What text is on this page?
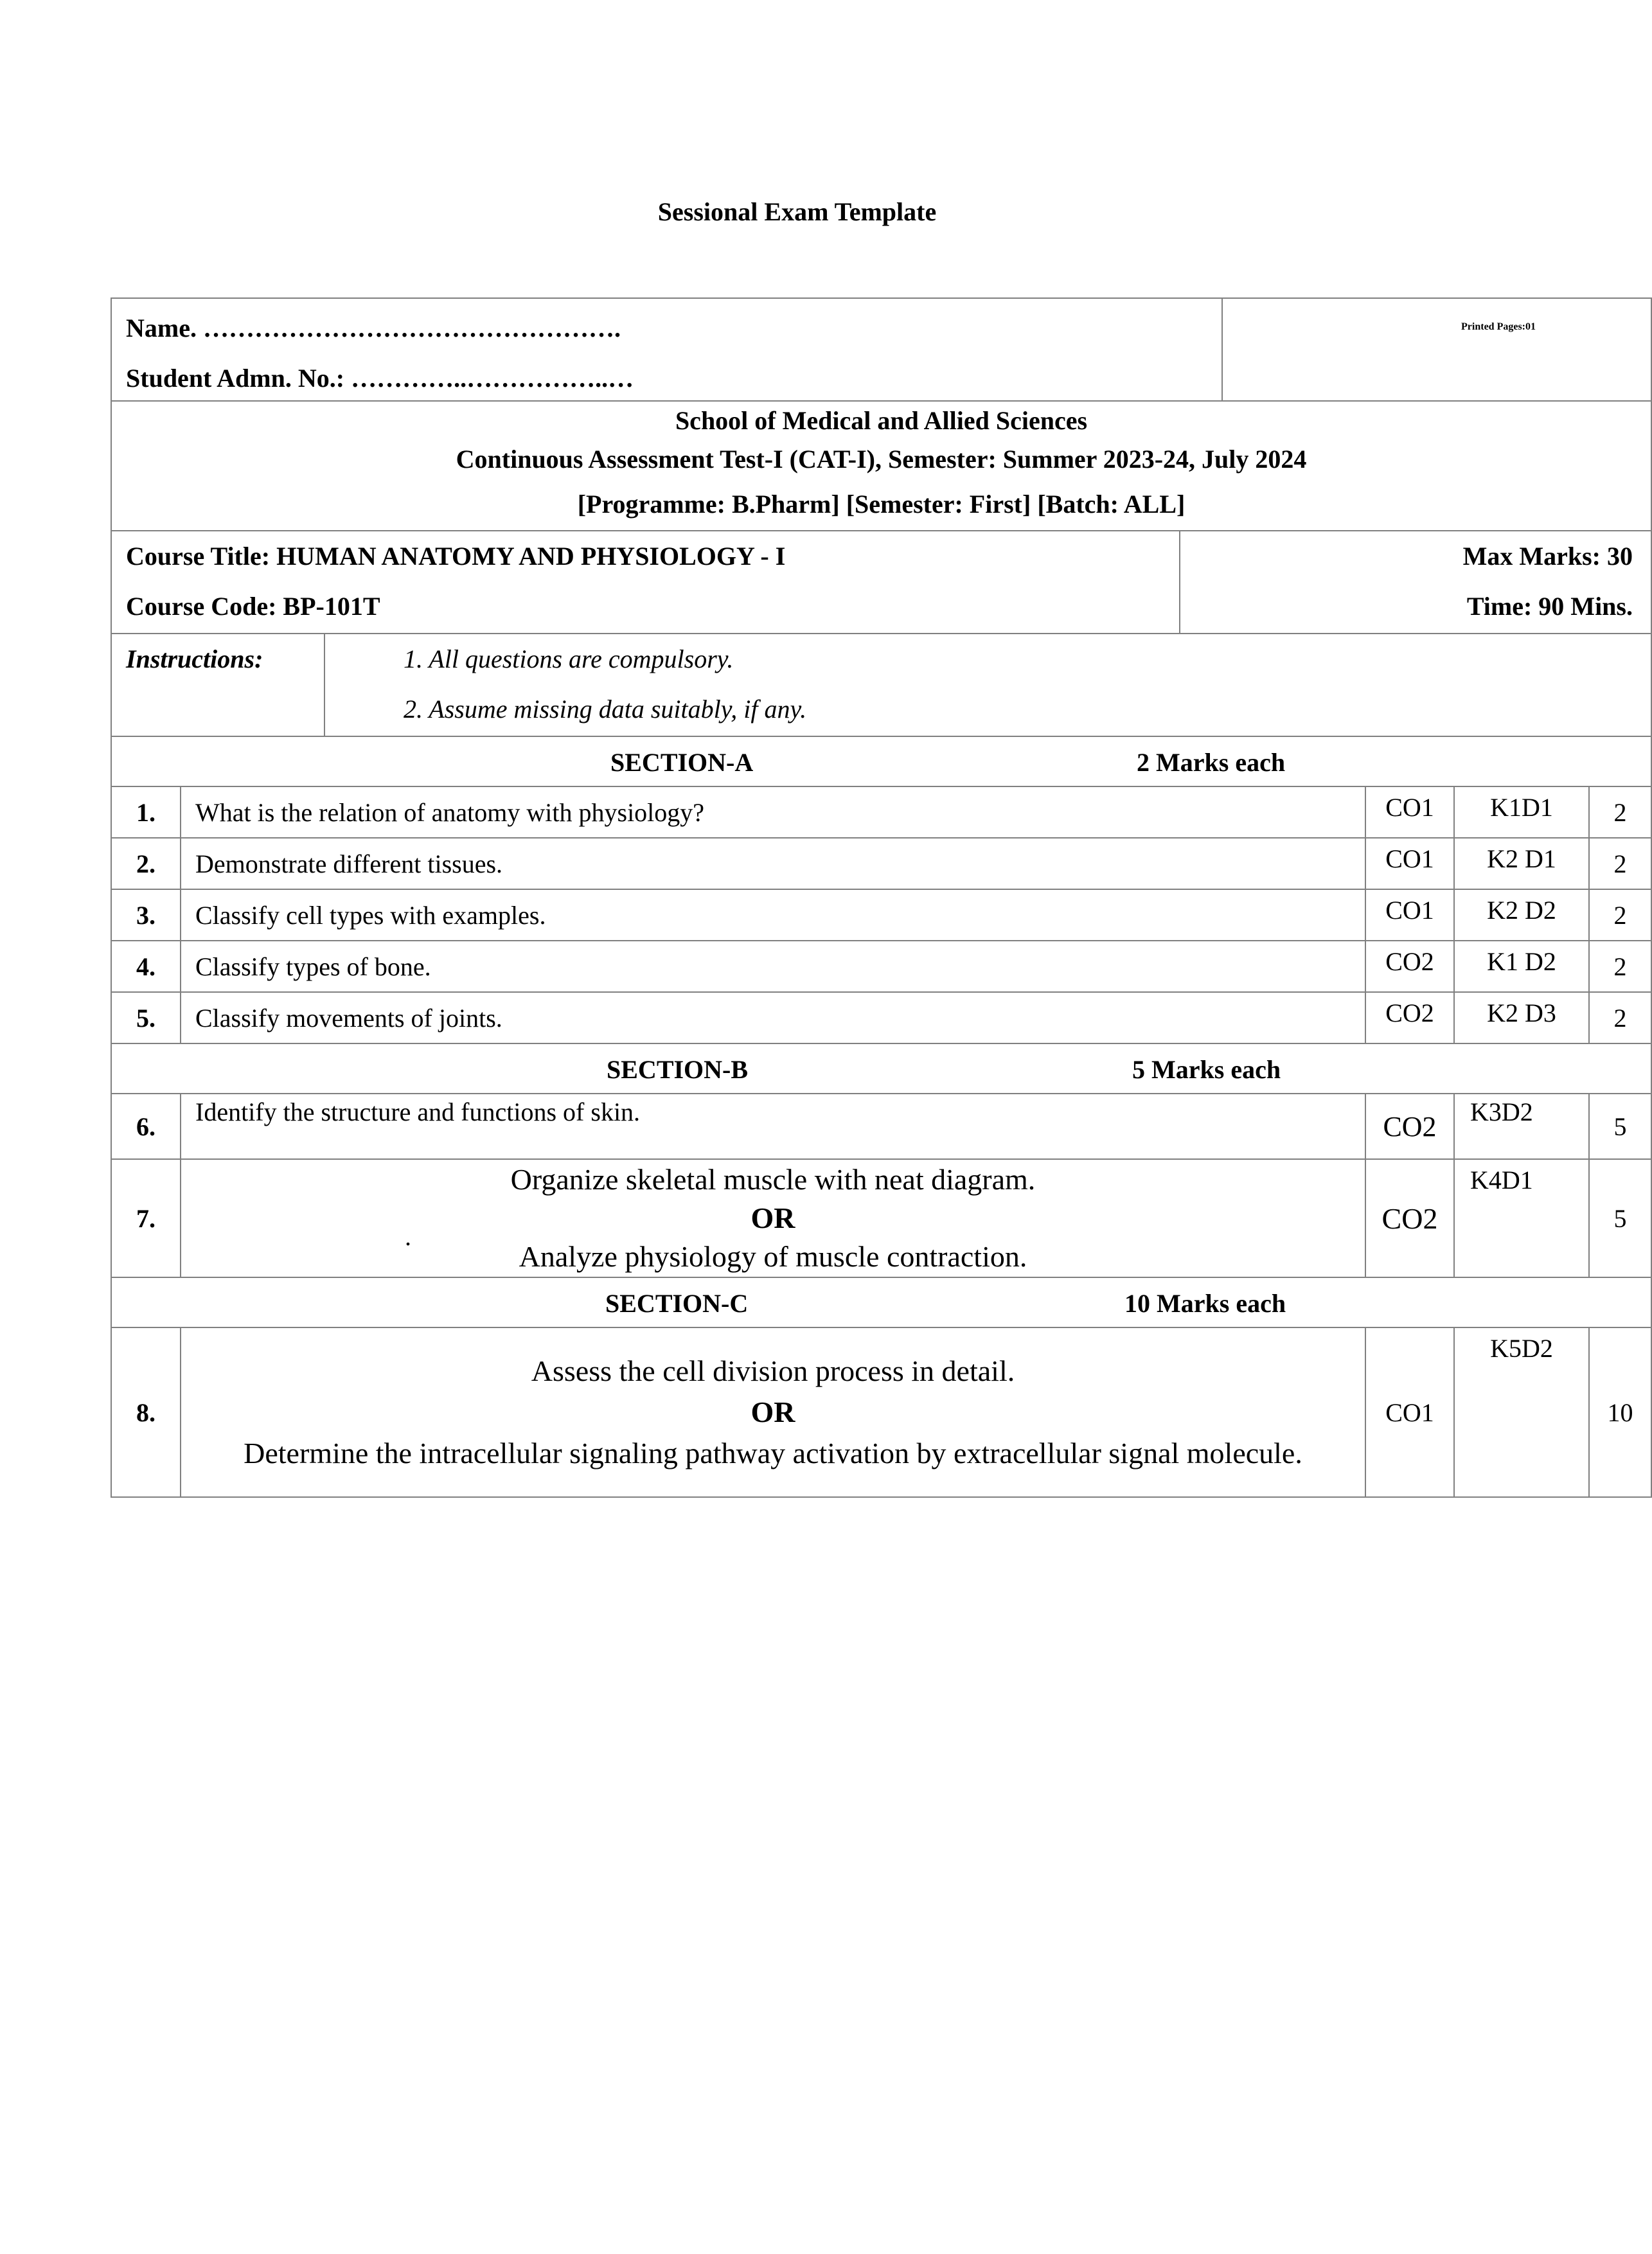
Sessional Exam Template
Name. ………………………………………….
Student Admn. No.: …………..……………..…				

School of Medical and Allied Sciences
Continuous Assessment Test-I (CAT-I), Semester: Summer 2023-24, July 2024
[Programme: B.Pharm] [Semester: First] [Batch: ALL]				

Course Title: HUMAN ANATOMY AND PHYSIOLOGY - I
Course Code: BP-101T
Max Marks: 30
Time: 90 Mins.				

Instructions: 1. All questions are compulsory.
2. Assume missing data suitably, if any.				

SECTION-A 2 Marks each				

1.	What is the relation of anatomy with physiology?	CO1	K1D1	2
2.	Demonstrate different tissues.	CO1	K2 D1	2
3.	Classify cell types with examples.	CO1	K2 D2	2
4.	Classify types of bone.	CO2	K1 D2	2
5.	Classify movements of joints.	CO2	K2 D3	2

SECTION-B 5 Marks each				

6.	Identify the structure and functions of skin.	CO2	K3D2	5
7.	Organize skeletal muscle with neat diagram.
OR
Analyze physiology of muscle contraction.
.	CO2	K4D1	5

SECTION-C 10 Marks each				

8.	Assess the cell division process in detail.
OR
Determine the intracellular signaling pathway activation by extracellular signal molecule.	CO1	K5D2	10
Printed Pages:01
